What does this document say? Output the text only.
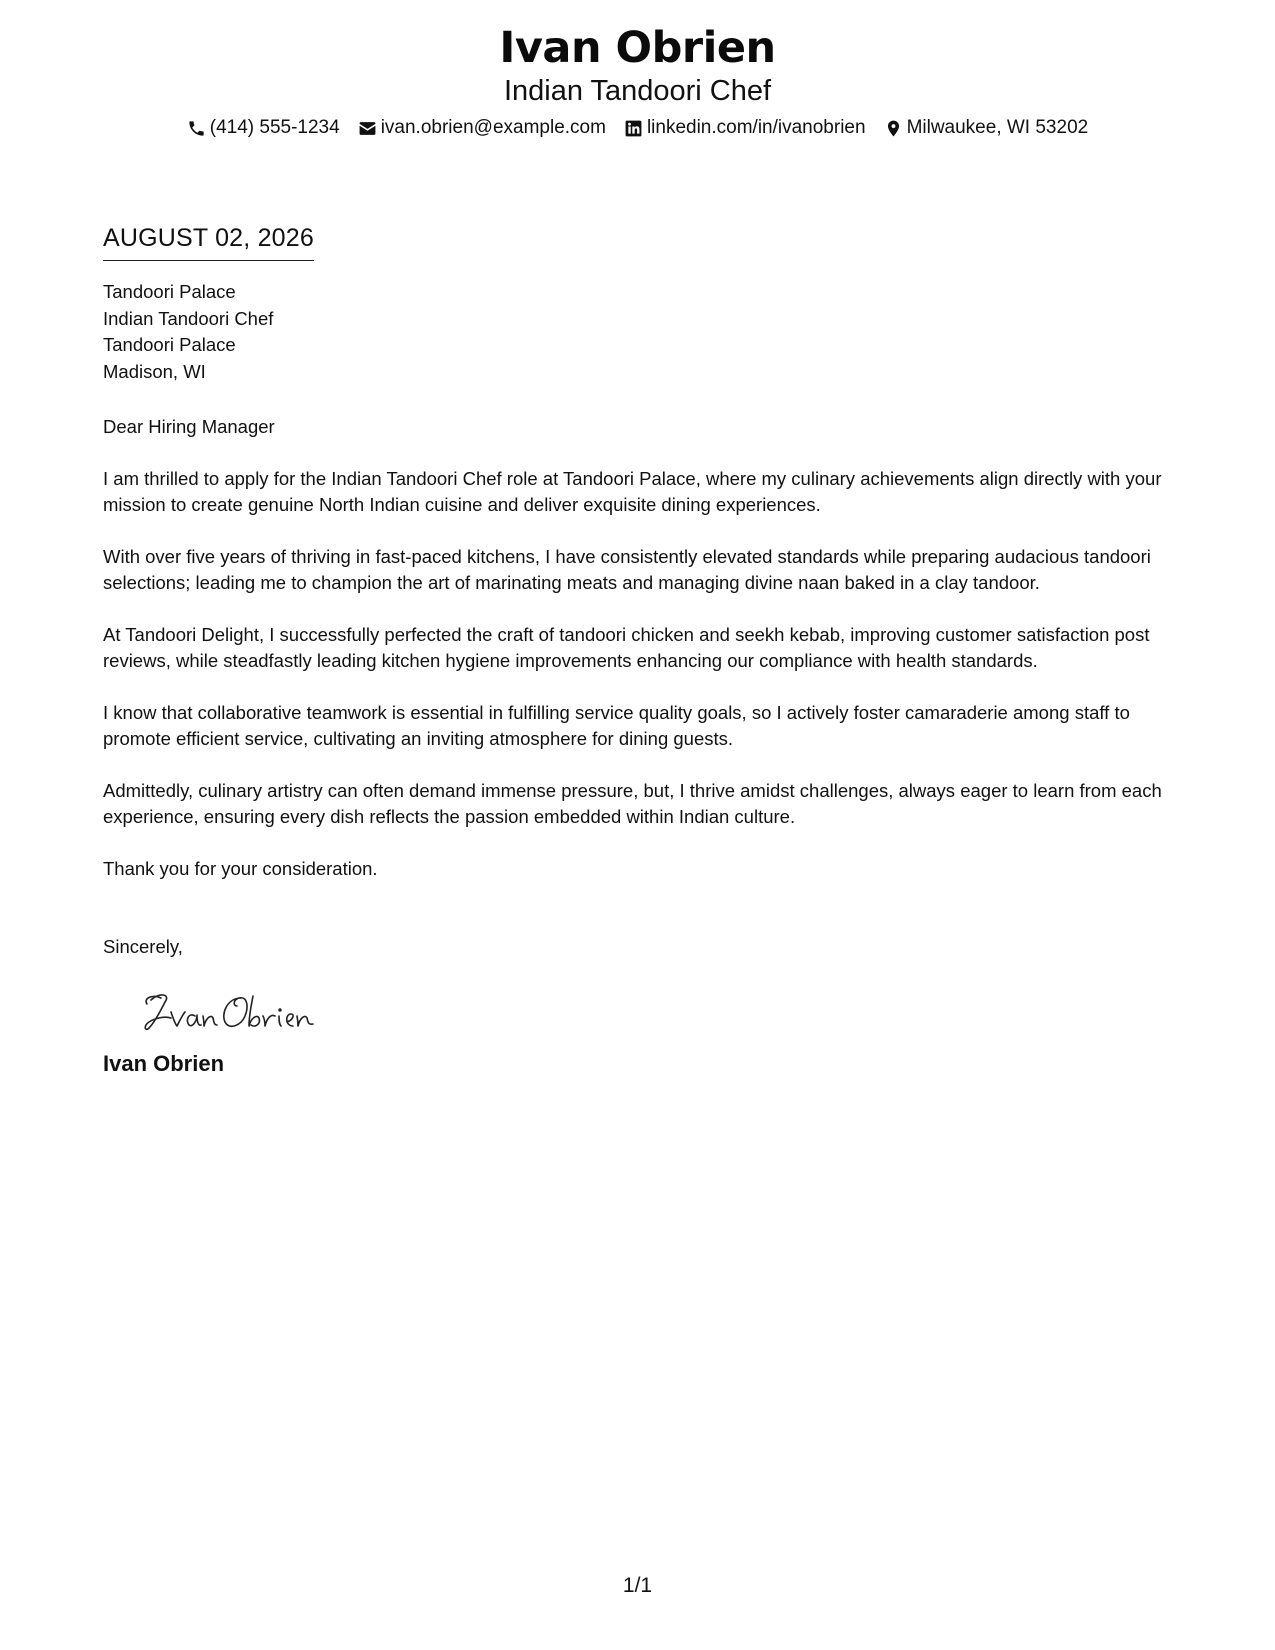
Ivan Obrien
Indian Tandoori Chef
(414) 555-1234 ivan.obrien@example.com linkedin.com/in/ivanobrien Milwaukee, WI 53202
AUGUST 02, 2026
Tandoori Palace
Indian Tandoori Chef
Tandoori Palace
Madison, WI
Dear Hiring Manager
I am thrilled to apply for the Indian Tandoori Chef role at Tandoori Palace, where my culinary achievements align directly with your mission to create genuine North Indian cuisine and deliver exquisite dining experiences.
With over five years of thriving in fast-paced kitchens, I have consistently elevated standards while preparing audacious tandoori selections; leading me to champion the art of marinating meats and managing divine naan baked in a clay tandoor.
At Tandoori Delight, I successfully perfected the craft of tandoori chicken and seekh kebab, improving customer satisfaction post reviews, while steadfastly leading kitchen hygiene improvements enhancing our compliance with health standards.
I know that collaborative teamwork is essential in fulfilling service quality goals, so I actively foster camaraderie among staff to promote efficient service, cultivating an inviting atmosphere for dining guests.
Admittedly, culinary artistry can often demand immense pressure, but, I thrive amidst challenges, always eager to learn from each experience, ensuring every dish reflects the passion embedded within Indian culture.
Thank you for your consideration.
Sincerely,
Ivan Obrien
1/1
